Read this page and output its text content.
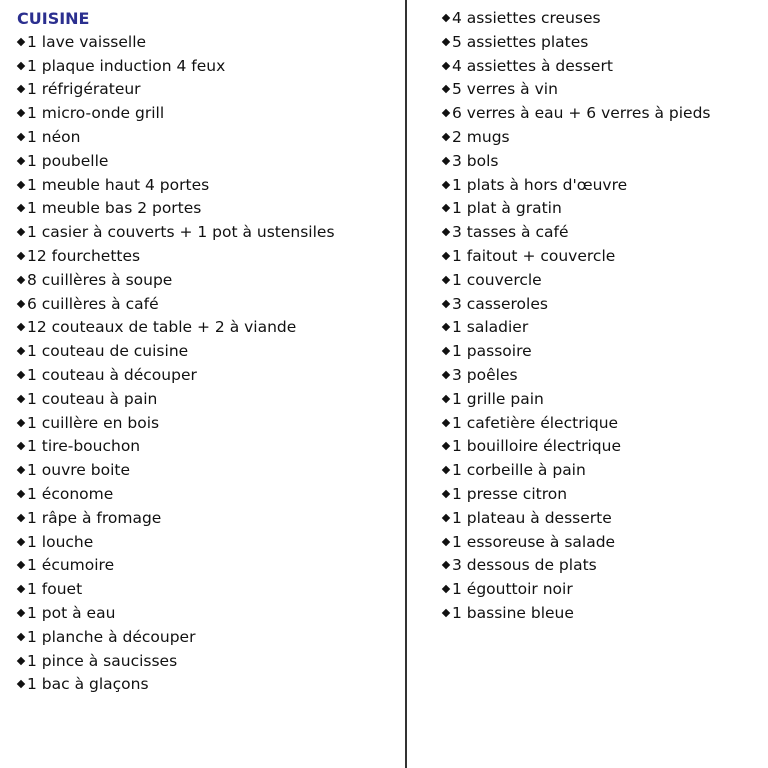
CUISINE
1 lave vaisselle
1 plaque induction 4 feux
1 réfrigérateur
1 micro-onde grill
1 néon
1 poubelle
1 meuble haut 4 portes
1 meuble bas 2 portes
1 casier à couverts + 1 pot à ustensiles
12 fourchettes
8 cuillères à soupe
6 cuillères à café
12 couteaux de table + 2 à viande
1 couteau de cuisine
1 couteau à découper
1 couteau à pain
1 cuillère en bois
1 tire-bouchon
1 ouvre boite
1 économe
1 râpe à fromage
1 louche
1 écumoire
1 fouet
1 pot à eau
1 planche à découper
1 pince à saucisses
1 bac à glaçons
4 assiettes creuses
5 assiettes plates
4 assiettes à dessert
5 verres à vin
6 verres à eau + 6 verres à pieds
2 mugs
3 bols
1 plats à hors d'œuvre
1 plat à gratin
3 tasses à café
1 faitout + couvercle
1 couvercle
3 casseroles
1 saladier
1 passoire
3 poêles
1 grille pain
1 cafetière électrique
1 bouilloire électrique
1 corbeille à pain
1 presse citron
1 plateau à desserte
1 essoreuse à salade
3 dessous de plats
1 égouttoir noir
1 bassine bleue
